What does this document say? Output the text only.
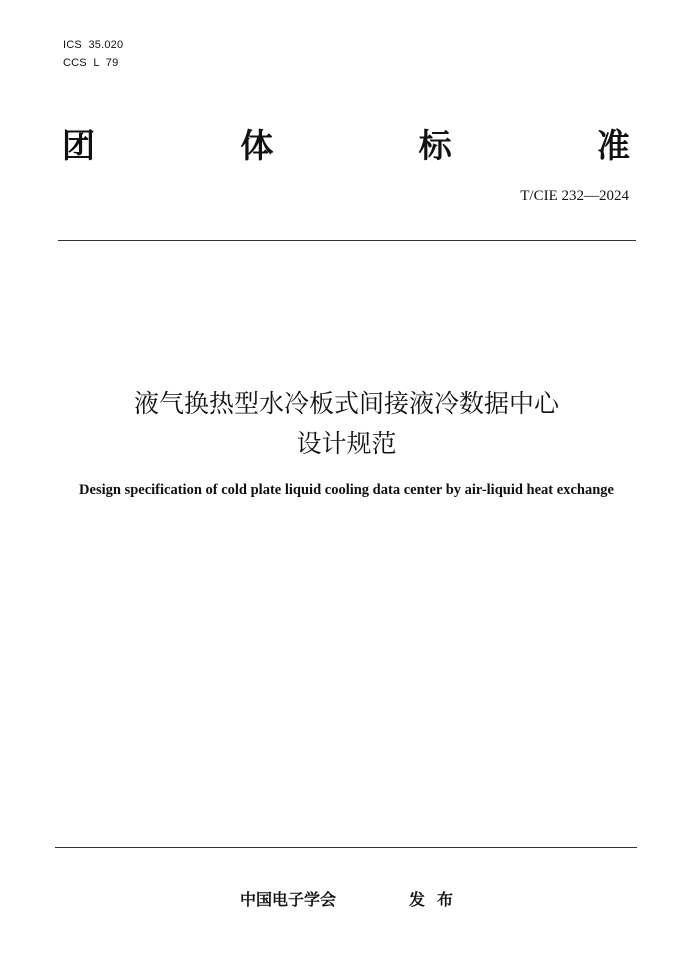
ICS  35.020
CCS  L  79
团	体	标	准
T/CIE 232—2024
液气换热型水冷板式间接液冷数据中心
设计规范
Design specification of cold plate liquid cooling data center by air-liquid heat exchange
中国电子学会	发 布
